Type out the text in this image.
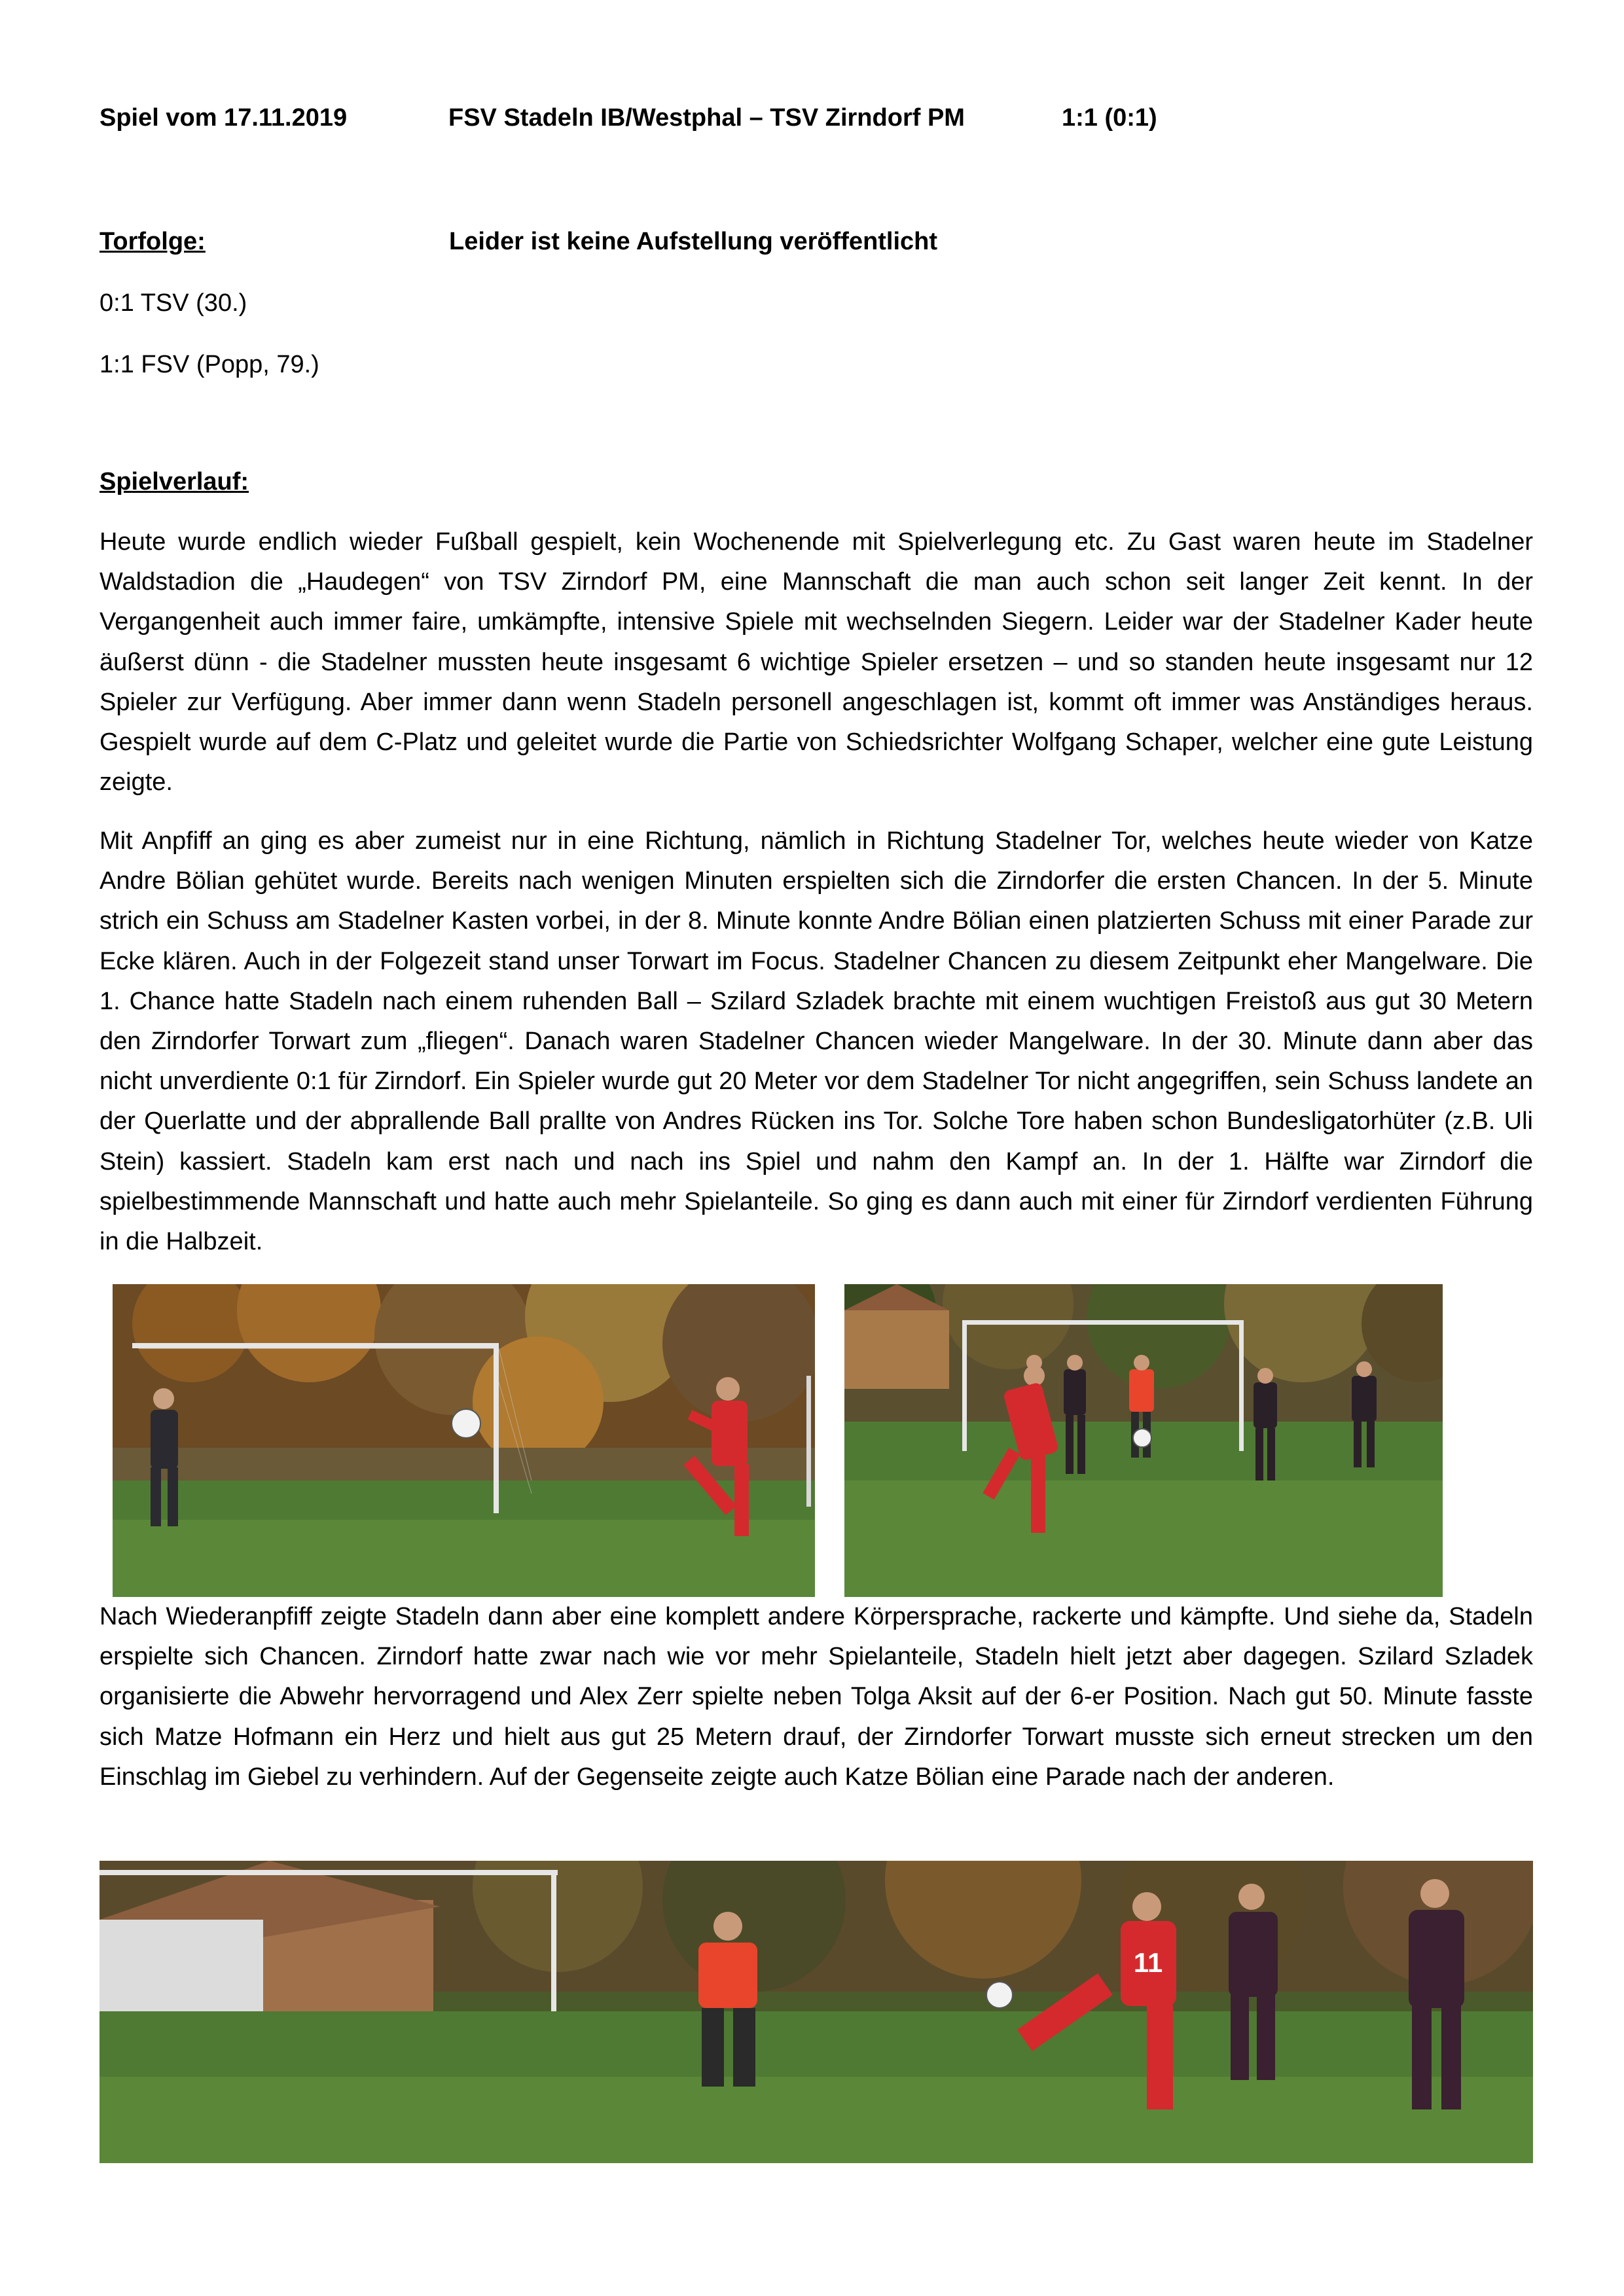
Spiel vom 17.11.2019	FSV Stadeln IB/Westphal – TSV Zirndorf PM	1:1 (0:1)
Torfolge:	Leider ist keine Aufstellung veröffentlicht
0:1 TSV (30.)
1:1 FSV (Popp, 79.)
Spielverlauf:
Heute wurde endlich wieder Fußball gespielt, kein Wochenende mit Spielverlegung etc. Zu Gast waren heute im Stadelner Waldstadion die „Haudegen“ von TSV Zirndorf PM, eine Mannschaft die man auch schon seit langer Zeit kennt. In der Vergangenheit auch immer faire, umkämpfte, intensive Spiele mit wechselnden Siegern. Leider war der Stadelner Kader heute äußerst dünn - die Stadelner mussten heute insgesamt 6 wichtige Spieler ersetzen – und so standen heute insgesamt nur 12 Spieler zur Verfügung. Aber immer dann wenn Stadeln personell angeschlagen ist, kommt oft immer was Anständiges heraus. Gespielt wurde auf dem C-Platz und geleitet wurde die Partie von Schiedsrichter Wolfgang Schaper, welcher eine gute Leistung zeigte.
Mit Anpfiff an ging es aber zumeist nur in eine Richtung, nämlich in Richtung Stadelner Tor, welches heute wieder von Katze Andre Bölian gehütet wurde. Bereits nach wenigen Minuten erspielten sich die Zirndorfer die ersten Chancen. In der 5. Minute strich ein Schuss am Stadelner Kasten vorbei, in der 8. Minute konnte Andre Bölian einen platzierten Schuss mit einer Parade zur Ecke klären. Auch in der Folgezeit stand unser Torwart im Focus. Stadelner Chancen zu diesem Zeitpunkt eher Mangelware. Die 1. Chance hatte Stadeln nach einem ruhenden Ball – Szilard Szladek brachte mit einem wuchtigen Freistoß aus gut 30 Metern den Zirndorfer Torwart zum „fliegen“. Danach waren Stadelner Chancen wieder Mangelware. In der 30. Minute dann aber das nicht unverdiente 0:1 für Zirndorf. Ein Spieler wurde gut 20 Meter vor dem Stadelner Tor nicht angegriffen, sein Schuss landete an der Querlatte und der abprallende Ball prallte von Andres Rücken ins Tor. Solche Tore haben schon Bundesligatorhüter (z.B. Uli Stein) kassiert. Stadeln kam erst nach und nach ins Spiel und nahm den Kampf an. In der 1. Hälfte war Zirndorf die spielbestimmende Mannschaft und hatte auch mehr Spielanteile. So ging es dann auch mit einer für Zirndorf verdienten Führung in die Halbzeit.
Nach Wiederanpfiff zeigte Stadeln dann aber eine komplett andere Körpersprache, rackerte und kämpfte. Und siehe da, Stadeln erspielte sich Chancen. Zirndorf hatte zwar nach wie vor mehr Spielanteile, Stadeln hielt jetzt aber dagegen. Szilard Szladek organisierte die Abwehr hervorragend und Alex Zerr spielte neben Tolga Aksit auf der 6-er Position. Nach gut 50. Minute fasste sich Matze Hofmann ein Herz und hielt aus gut 25 Metern drauf, der Zirndorfer Torwart musste sich erneut strecken um den Einschlag im Giebel zu verhindern. Auf der Gegenseite zeigte auch Katze Bölian eine Parade nach der anderen.
11
